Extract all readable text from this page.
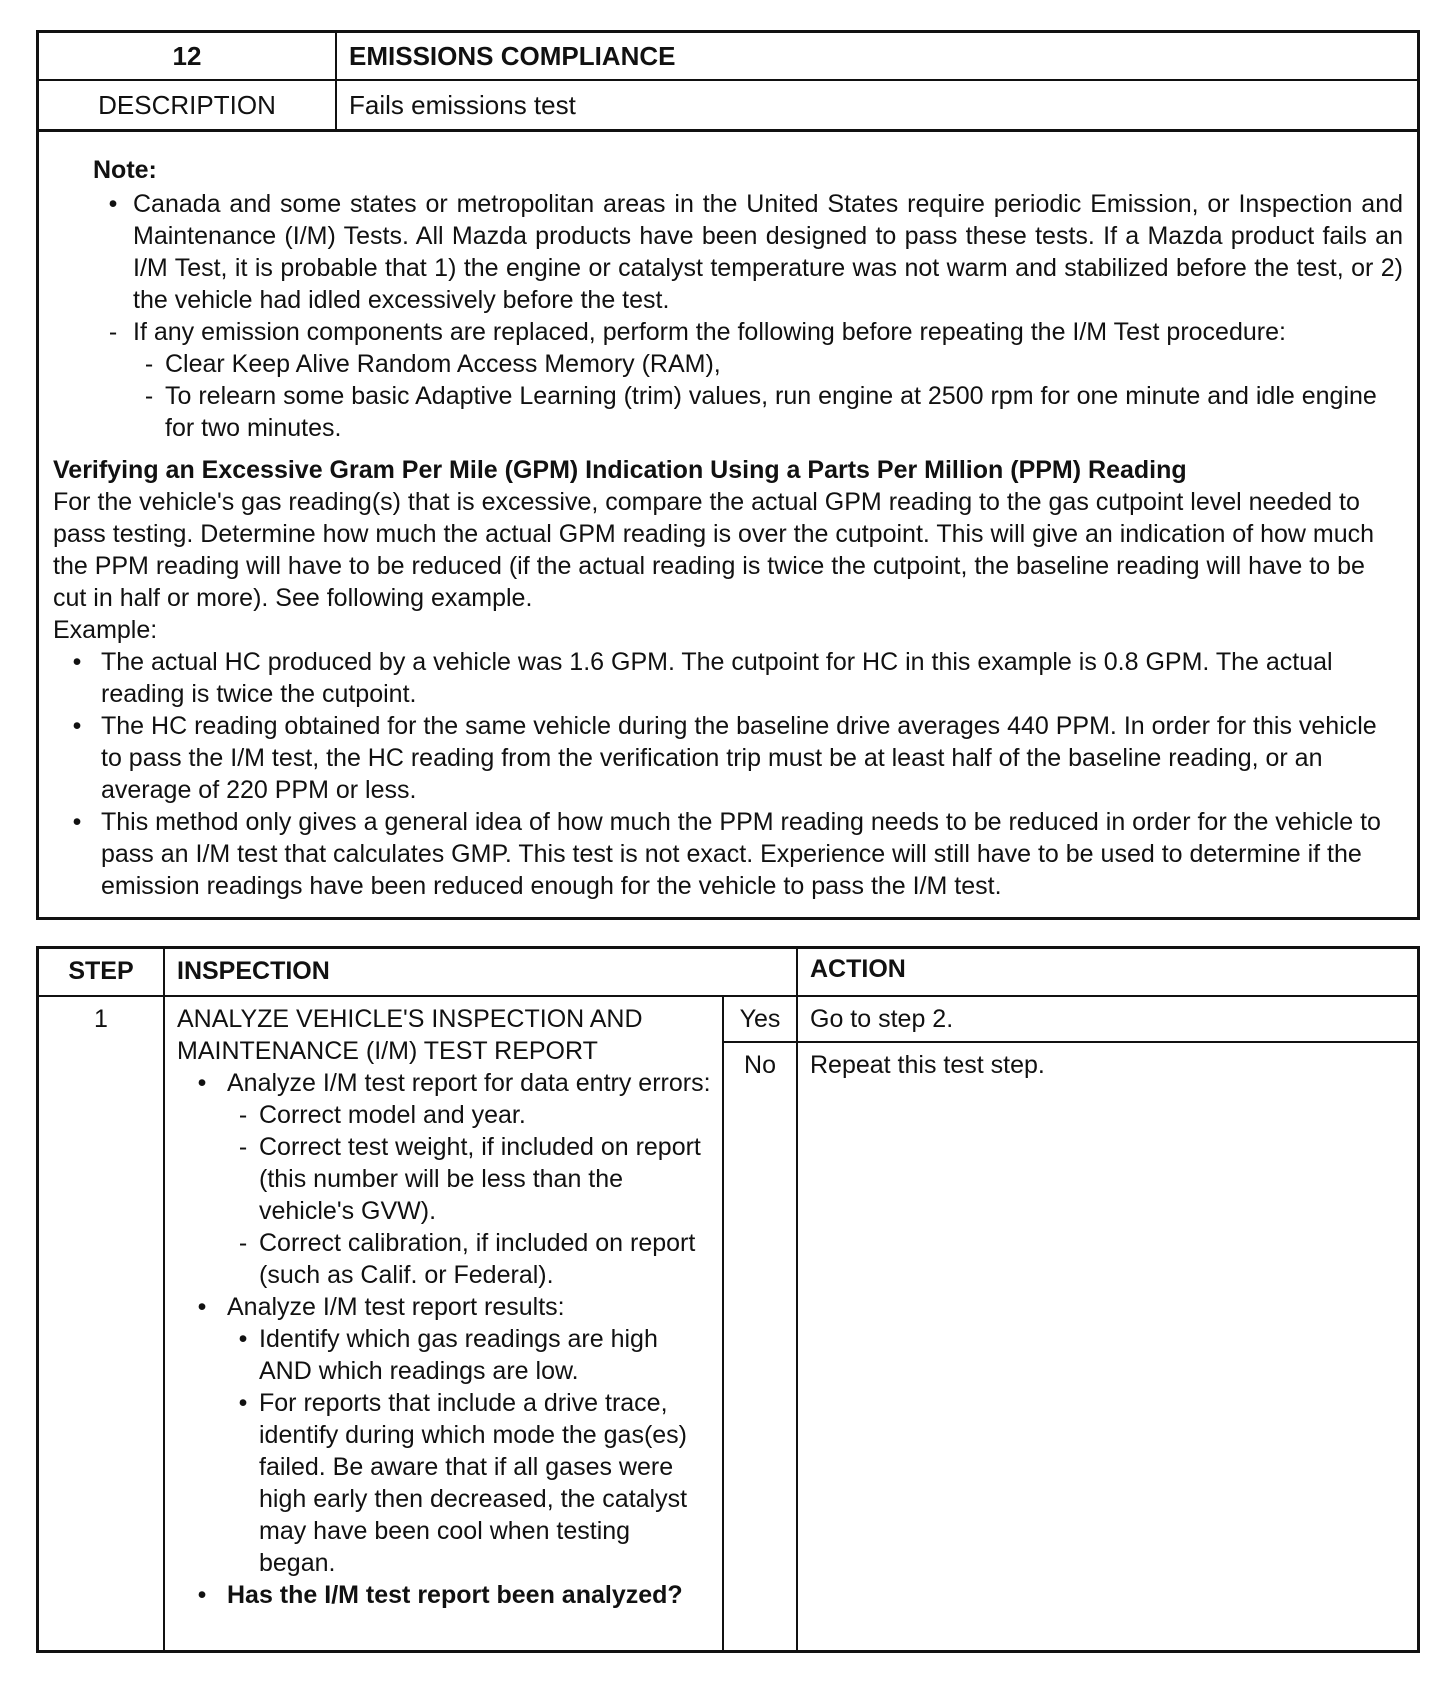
12	EMISSIONS COMPLIANCE
DESCRIPTION	Fails emissions test
Note:
• Canada and some states or metropolitan areas in the United States require periodic Emission, or Inspection and Maintenance (I/M) Tests. All Mazda products have been designed to pass these tests. If a Mazda product fails an I/M Test, it is probable that 1) the engine or catalyst temperature was not warm and stabilized before the test, or 2) the vehicle had idled excessively before the test.
- If any emission components are replaced, perform the following before repeating the I/M Test procedure:
- Clear Keep Alive Random Access Memory (RAM),
- To relearn some basic Adaptive Learning (trim) values, run engine at 2500 rpm for one minute and idle engine for two minutes.
Verifying an Excessive Gram Per Mile (GPM) Indication Using a Parts Per Million (PPM) Reading
For the vehicle's gas reading(s) that is excessive, compare the actual GPM reading to the gas cutpoint level needed to pass testing. Determine how much the actual GPM reading is over the cutpoint. This will give an indication of how much the PPM reading will have to be reduced (if the actual reading is twice the cutpoint, the baseline reading will have to be cut in half or more). See following example.
Example:
• The actual HC produced by a vehicle was 1.6 GPM. The cutpoint for HC in this example is 0.8 GPM. The actual reading is twice the cutpoint.
• The HC reading obtained for the same vehicle during the baseline drive averages 440 PPM. In order for this vehicle to pass the I/M test, the HC reading from the verification trip must be at least half of the baseline reading, or an average of 220 PPM or less.
• This method only gives a general idea of how much the PPM reading needs to be reduced in order for the vehicle to pass an I/M test that calculates GMP. This test is not exact. Experience will still have to be used to determine if the emission readings have been reduced enough for the vehicle to pass the I/M test.
STEP	INSPECTION	ACTION
1	ANALYZE VEHICLE'S INSPECTION AND MAINTENANCE (I/M) TEST REPORT
• Analyze I/M test report for data entry errors:
- Correct model and year.
- Correct test weight, if included on report (this number will be less than the vehicle's GVW).
- Correct calibration, if included on report (such as Calif. or Federal).
• Analyze I/M test report results:
• Identify which gas readings are high AND which readings are low.
• For reports that include a drive trace, identify during which mode the gas(es) failed. Be aware that if all gases were high early then decreased, the catalyst may have been cool when testing began.
• Has the I/M test report been analyzed?
Yes	Go to step 2.
No	Repeat this test step.
